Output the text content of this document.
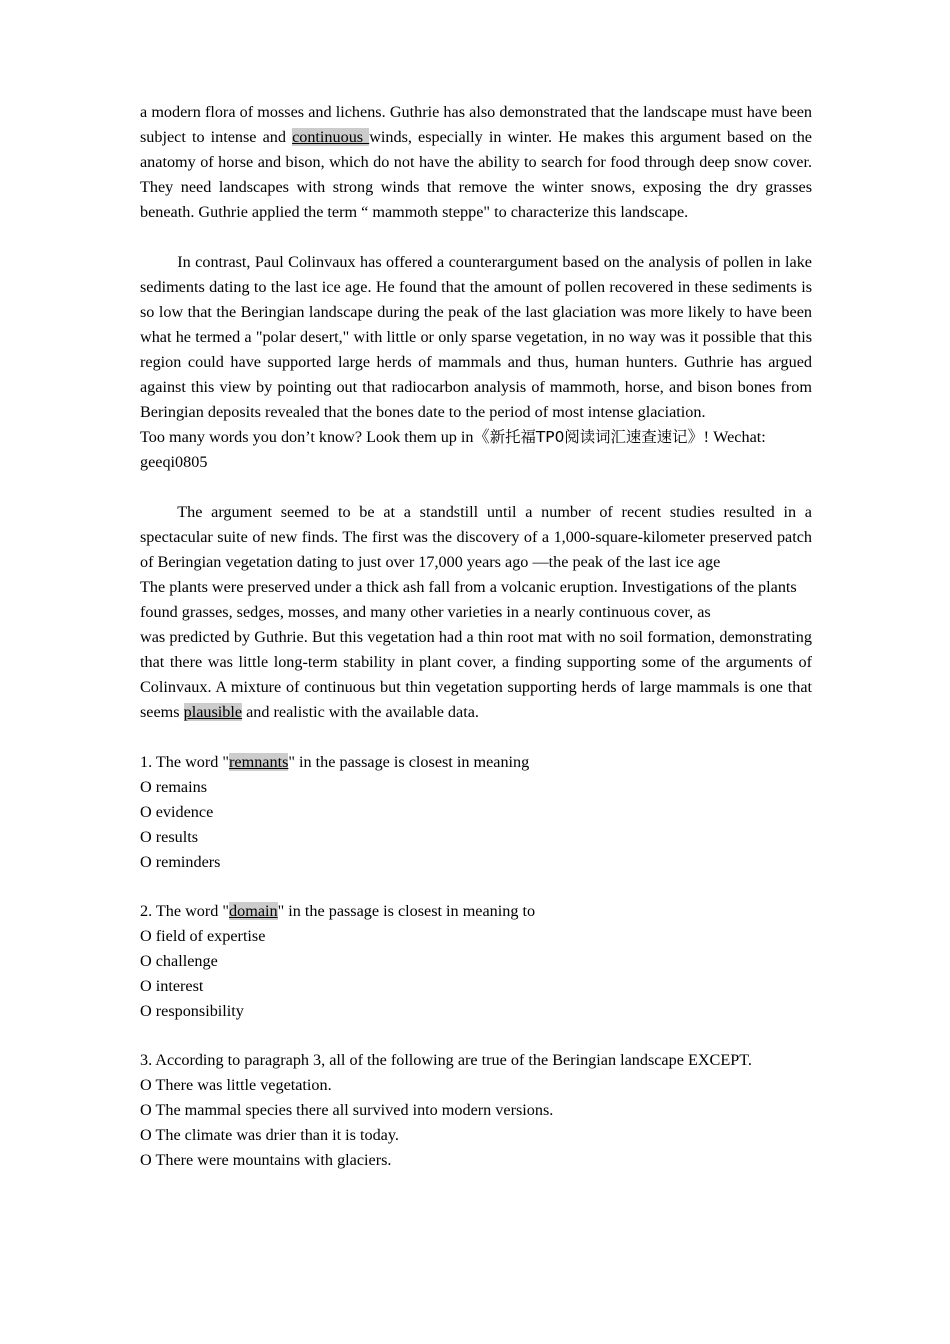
a modern flora of mosses and lichens. Guthrie has also demonstrated that the landscape must have been subject to intense and continuous winds, especially in winter. He makes this argument based on the anatomy of horse and bison, which do not have the ability to search for food through deep snow cover. They need landscapes with strong winds that remove the winter snows, exposing the dry grasses beneath. Guthrie applied the term “ mammoth steppe" to characterize this landscape.

In contrast, Paul Colinvaux has offered a counterargument based on the analysis of pollen in lake sediments dating to the last ice age. He found that the amount of pollen recovered in these sediments is so low that the Beringian landscape during the peak of the last glaciation was more likely to have been what he termed a "polar desert," with little or only sparse vegetation, in no way was it possible that this region could have supported large herds of mammals and thus, human hunters. Guthrie has argued against this view by pointing out that radiocarbon analysis of mammoth, horse, and bison bones from Beringian deposits revealed that the bones date to the period of most intense glaciation.

Too many words you don’t know? Look them up in《新托福TP0阅读词汇速查速记》! Wechat: geeqi0805

The argument seemed to be at a standstill until a number of recent studies resulted in a spectacular suite of new finds. The first was the discovery of a 1,000-square-kilometer preserved patch of Beringian vegetation dating to just over 17,000 years ago —the peak of the last ice age

The plants were preserved under a thick ash fall from a volcanic eruption. Investigations of the plants found grasses, sedges, mosses, and many other varieties in a nearly continuous cover, as

was predicted by Guthrie. But this vegetation had a thin root mat with no soil formation, demonstrating that there was little long-term stability in plant cover, a finding supporting some of the arguments of Colinvaux. A mixture of continuous but thin vegetation supporting herds of large mammals is one that seems plausible and realistic with the available data.

1. The word "remnants" in the passage is closest in meaning

O remains

O evidence

O results

O reminders

2. The word "domain" in the passage is closest in meaning to

O field of expertise

O challenge

O interest

O responsibility

3. According to paragraph 3, all of the following are true of the Beringian landscape EXCEPT.

O There was little vegetation.

O The mammal species there all survived into modern versions.

O The climate was drier than it is today.

O There were mountains with glaciers.
